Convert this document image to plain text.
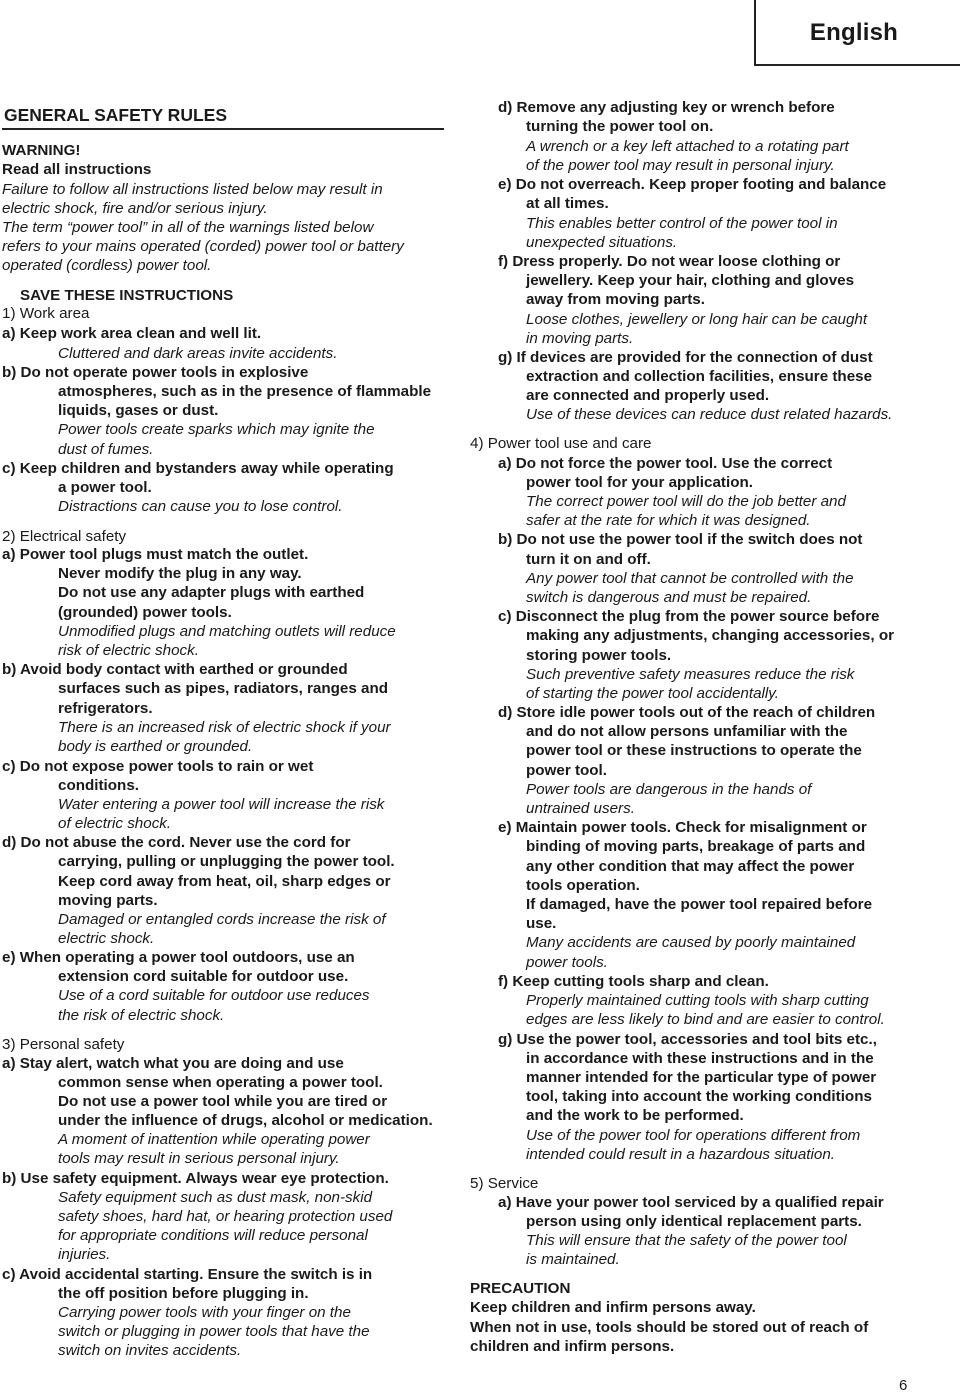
English
GENERAL SAFETY RULES
WARNING!
Read all instructions
Failure to follow all instructions listed below may result in
electric shock, fire and/or serious injury.
The term “power tool” in all of the warnings listed below
refers to your mains operated (corded) power tool or battery
operated (cordless) power tool.
SAVE THESE INSTRUCTIONS
1) Work area
a) Keep work area clean and well lit.
Cluttered and dark areas invite accidents.
b) Do not operate power tools in explosive
atmospheres, such as in the presence of flammable
liquids, gases or dust.
Power tools create sparks which may ignite the
dust of fumes.
c) Keep children and bystanders away while operating
a power tool.
Distractions can cause you to lose control.
2) Electrical safety
a) Power tool plugs must match the outlet.
Never modify the plug in any way.
Do not use any adapter plugs with earthed
(grounded) power tools.
Unmodified plugs and matching outlets will reduce
risk of electric shock.
b) Avoid body contact with earthed or grounded
surfaces such as pipes, radiators, ranges and
refrigerators.
There is an increased risk of electric shock if your
body is earthed or grounded.
c) Do not expose power tools to rain or wet
conditions.
Water entering a power tool will increase the risk
of electric shock.
d) Do not abuse the cord. Never use the cord for
carrying, pulling or unplugging the power tool.
Keep cord away from heat, oil, sharp edges or
moving parts.
Damaged or entangled cords increase the risk of
electric shock.
e) When operating a power tool outdoors, use an
extension cord suitable for outdoor use.
Use of a cord suitable for outdoor use reduces
the risk of electric shock.
3) Personal safety
a) Stay alert, watch what you are doing and use
common sense when operating a power tool.
Do not use a power tool while you are tired or
under the influence of drugs, alcohol or medication.
A moment of inattention while operating power
tools may result in serious personal injury.
b) Use safety equipment. Always wear eye protection.
Safety equipment such as dust mask, non-skid
safety shoes, hard hat, or hearing protection used
for appropriate conditions will reduce personal
injuries.
c) Avoid accidental starting. Ensure the switch is in
the off position before plugging in.
Carrying power tools with your finger on the
switch or plugging in power tools that have the
switch on invites accidents.
d) Remove any adjusting key or wrench before
turning the power tool on.
A wrench or a key left attached to a rotating part
of the power tool may result in personal injury.
e) Do not overreach. Keep proper footing and balance
at all times.
This enables better control of the power tool in
unexpected situations.
f) Dress properly. Do not wear loose clothing or
jewellery. Keep your hair, clothing and gloves
away from moving parts.
Loose clothes, jewellery or long hair can be caught
in moving parts.
g) If devices are provided for the connection of dust
extraction and collection facilities, ensure these
are connected and properly used.
Use of these devices can reduce dust related hazards.
4) Power tool use and care
a) Do not force the power tool. Use the correct
power tool for your application.
The correct power tool will do the job better and
safer at the rate for which it was designed.
b) Do not use the power tool if the switch does not
turn it on and off.
Any power tool that cannot be controlled with the
switch is dangerous and must be repaired.
c) Disconnect the plug from the power source before
making any adjustments, changing accessories, or
storing power tools.
Such preventive safety measures reduce the risk
of starting the power tool accidentally.
d) Store idle power tools out of the reach of children
and do not allow persons unfamiliar with the
power tool or these instructions to operate the
power tool.
Power tools are dangerous in the hands of
untrained users.
e) Maintain power tools. Check for misalignment or
binding of moving parts, breakage of parts and
any other condition that may affect the power
tools operation.
If damaged, have the power tool repaired before
use.
Many accidents are caused by poorly maintained
power tools.
f) Keep cutting tools sharp and clean.
Properly maintained cutting tools with sharp cutting
edges are less likely to bind and are easier to control.
g) Use the power tool, accessories and tool bits etc.,
in accordance with these instructions and in the
manner intended for the particular type of power
tool, taking into account the working conditions
and the work to be performed.
Use of the power tool for operations different from
intended could result in a hazardous situation.
5) Service
a) Have your power tool serviced by a qualified repair
person using only identical replacement parts.
This will ensure that the safety of the power tool
is maintained.
PRECAUTION
Keep children and infirm persons away.
When not in use, tools should be stored out of reach of
children and infirm persons.
6
